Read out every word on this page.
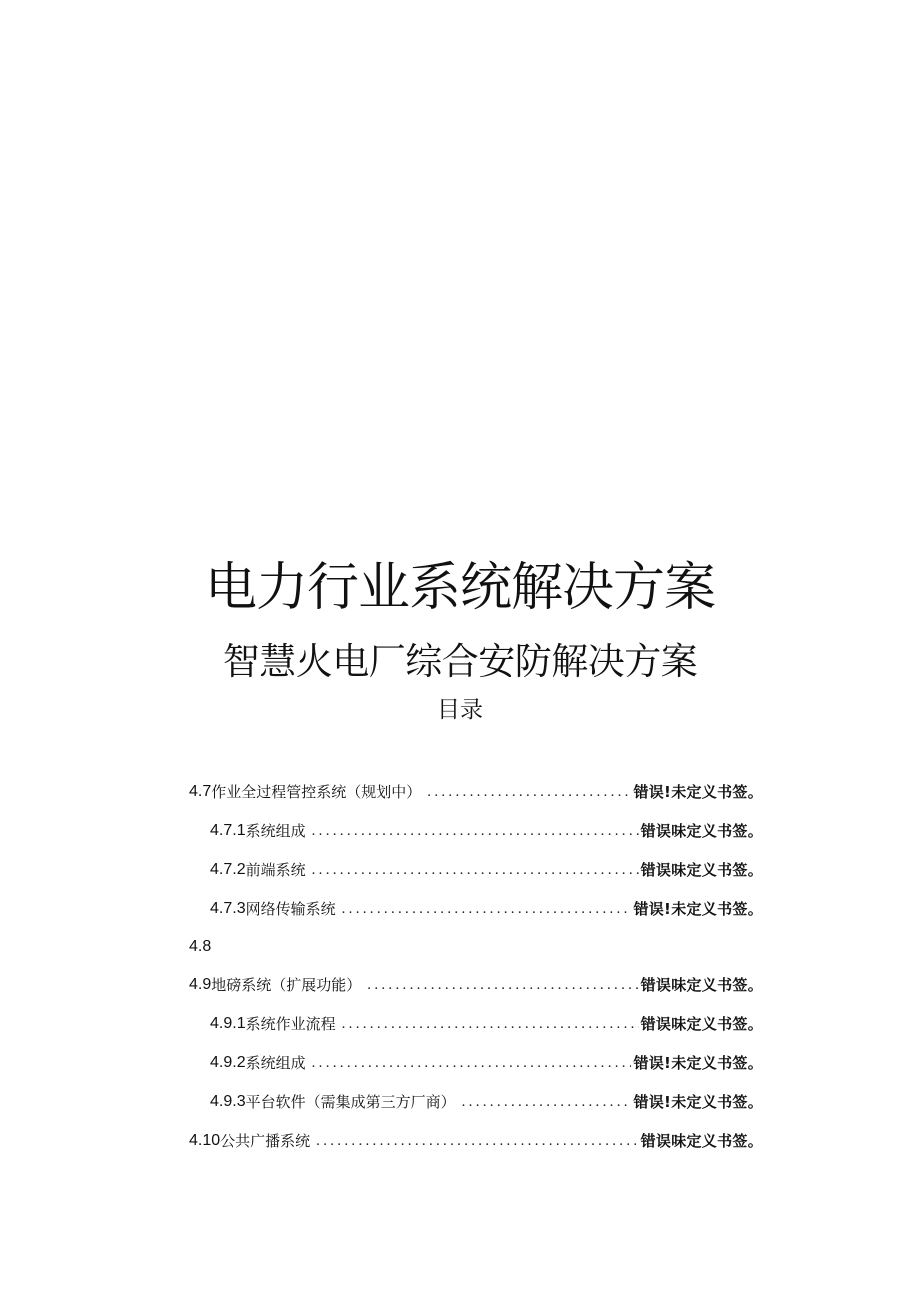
电力行业系统解决方案
智慧火电厂综合安防解决方案
目录
4.7 作业全过程管控系统（规划中） .....	错误!未定义书签。
4.7.1 系统组成 .....	错误味定义书签。
4.7.2 前端系统 .....	错误味定义书签。
4.7.3 网络传输系统 .....	错误!未定义书签。
4.8
4.9 地磅系统（扩展功能） .....	错误味定义书签。
4.9.1 系统作业流程 .....	错误味定义书签。
4.9.2 系统组成 .....	错误!未定义书签。
4.9.3 平台软件（需集成第三方厂商） .....	错误!未定义书签。
4.10 公共广播系统 .....	错误味定义书签。
